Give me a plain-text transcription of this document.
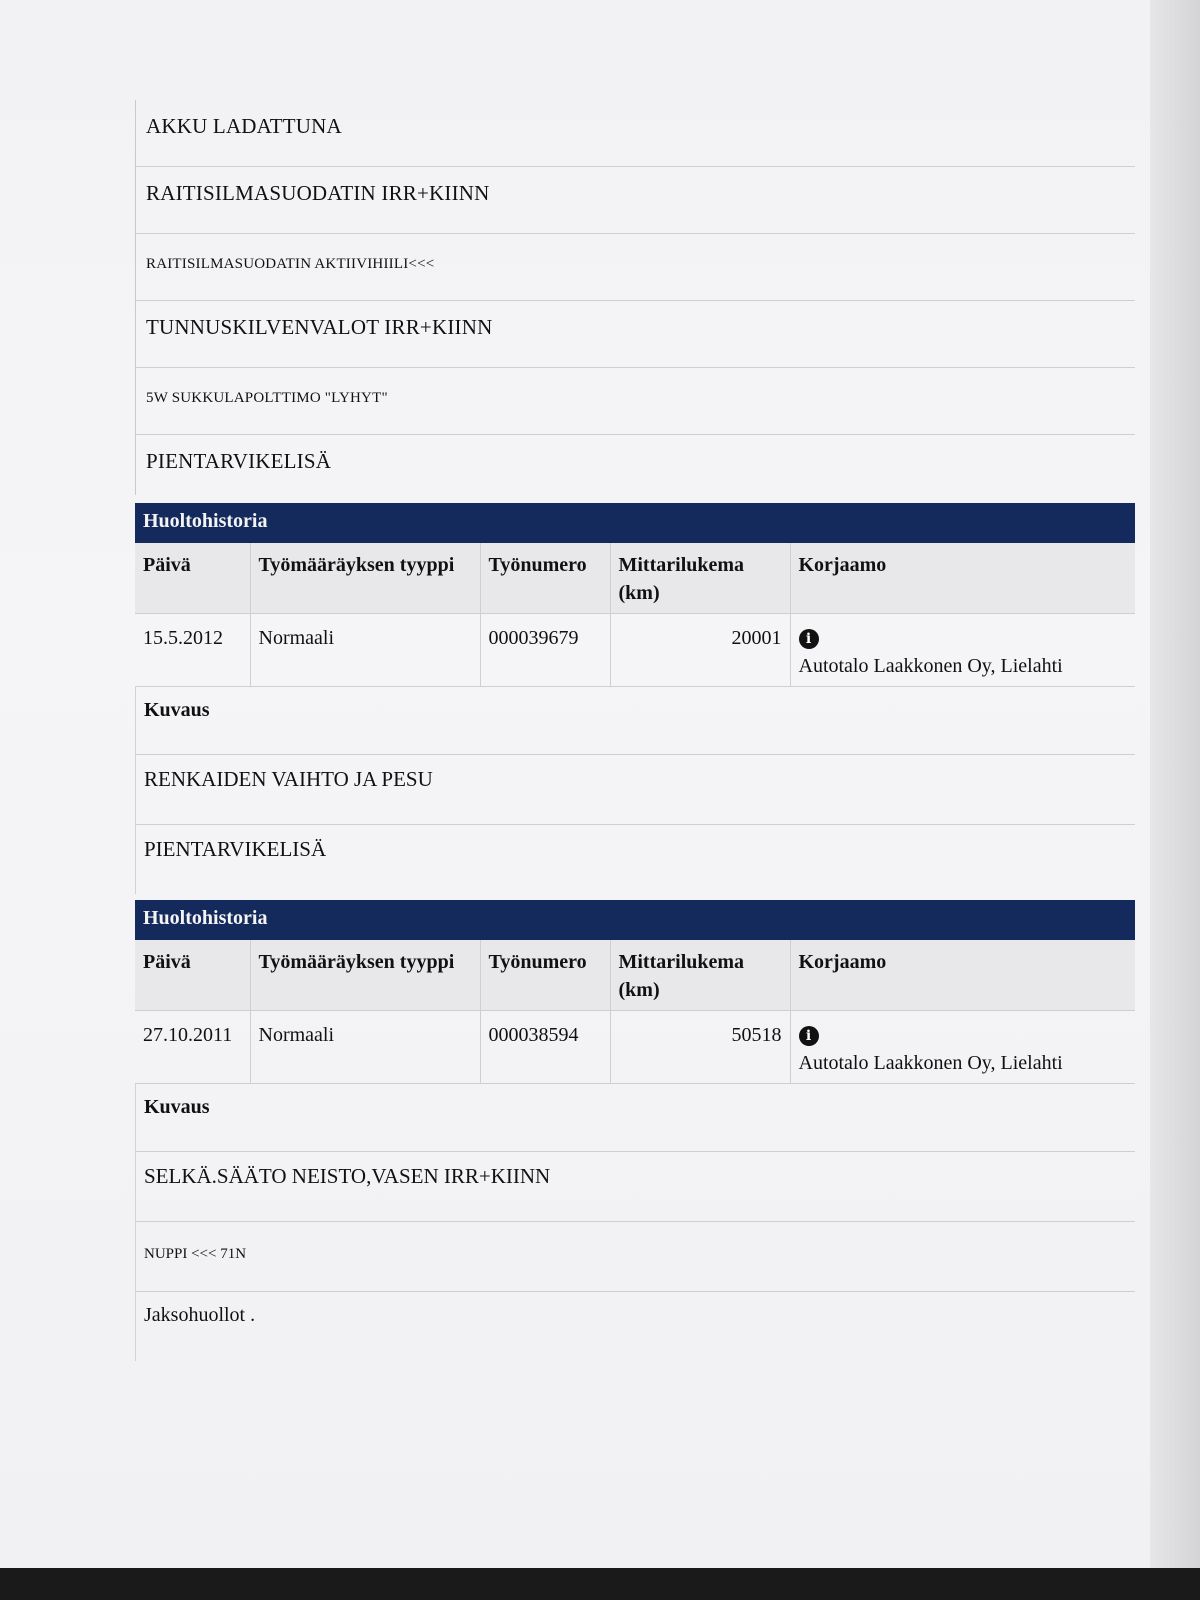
AKKU LADATTUNA
RAITISILMASUODATIN IRR+KIINN
RAITISILMASUODATIN AKTIIVIHIILI<<<
TUNNUSKILVENVALOT IRR+KIINN
5W SUKKULAPOLTTIMO "LYHYT"
PIENTARVIKELISÄ
Huoltohistoria
Päivä	Työmääräyksen tyyppi	Työnumero	Mittarilukema (km)	Korjaamo
15.5.2012	Normaali	000039679	20001	i
Autotalo Laakkonen Oy, Lielahti
Kuvaus
RENKAIDEN VAIHTO JA PESU
PIENTARVIKELISÄ
Huoltohistoria
Päivä	Työmääräyksen tyyppi	Työnumero	Mittarilukema (km)	Korjaamo
27.10.2011	Normaali	000038594	50518	i
Autotalo Laakkonen Oy, Lielahti
Kuvaus
SELKÄ.SÄÄTO NEISTO,VASEN IRR+KIINN
NUPPI <<< 71N
Jaksohuollot .
